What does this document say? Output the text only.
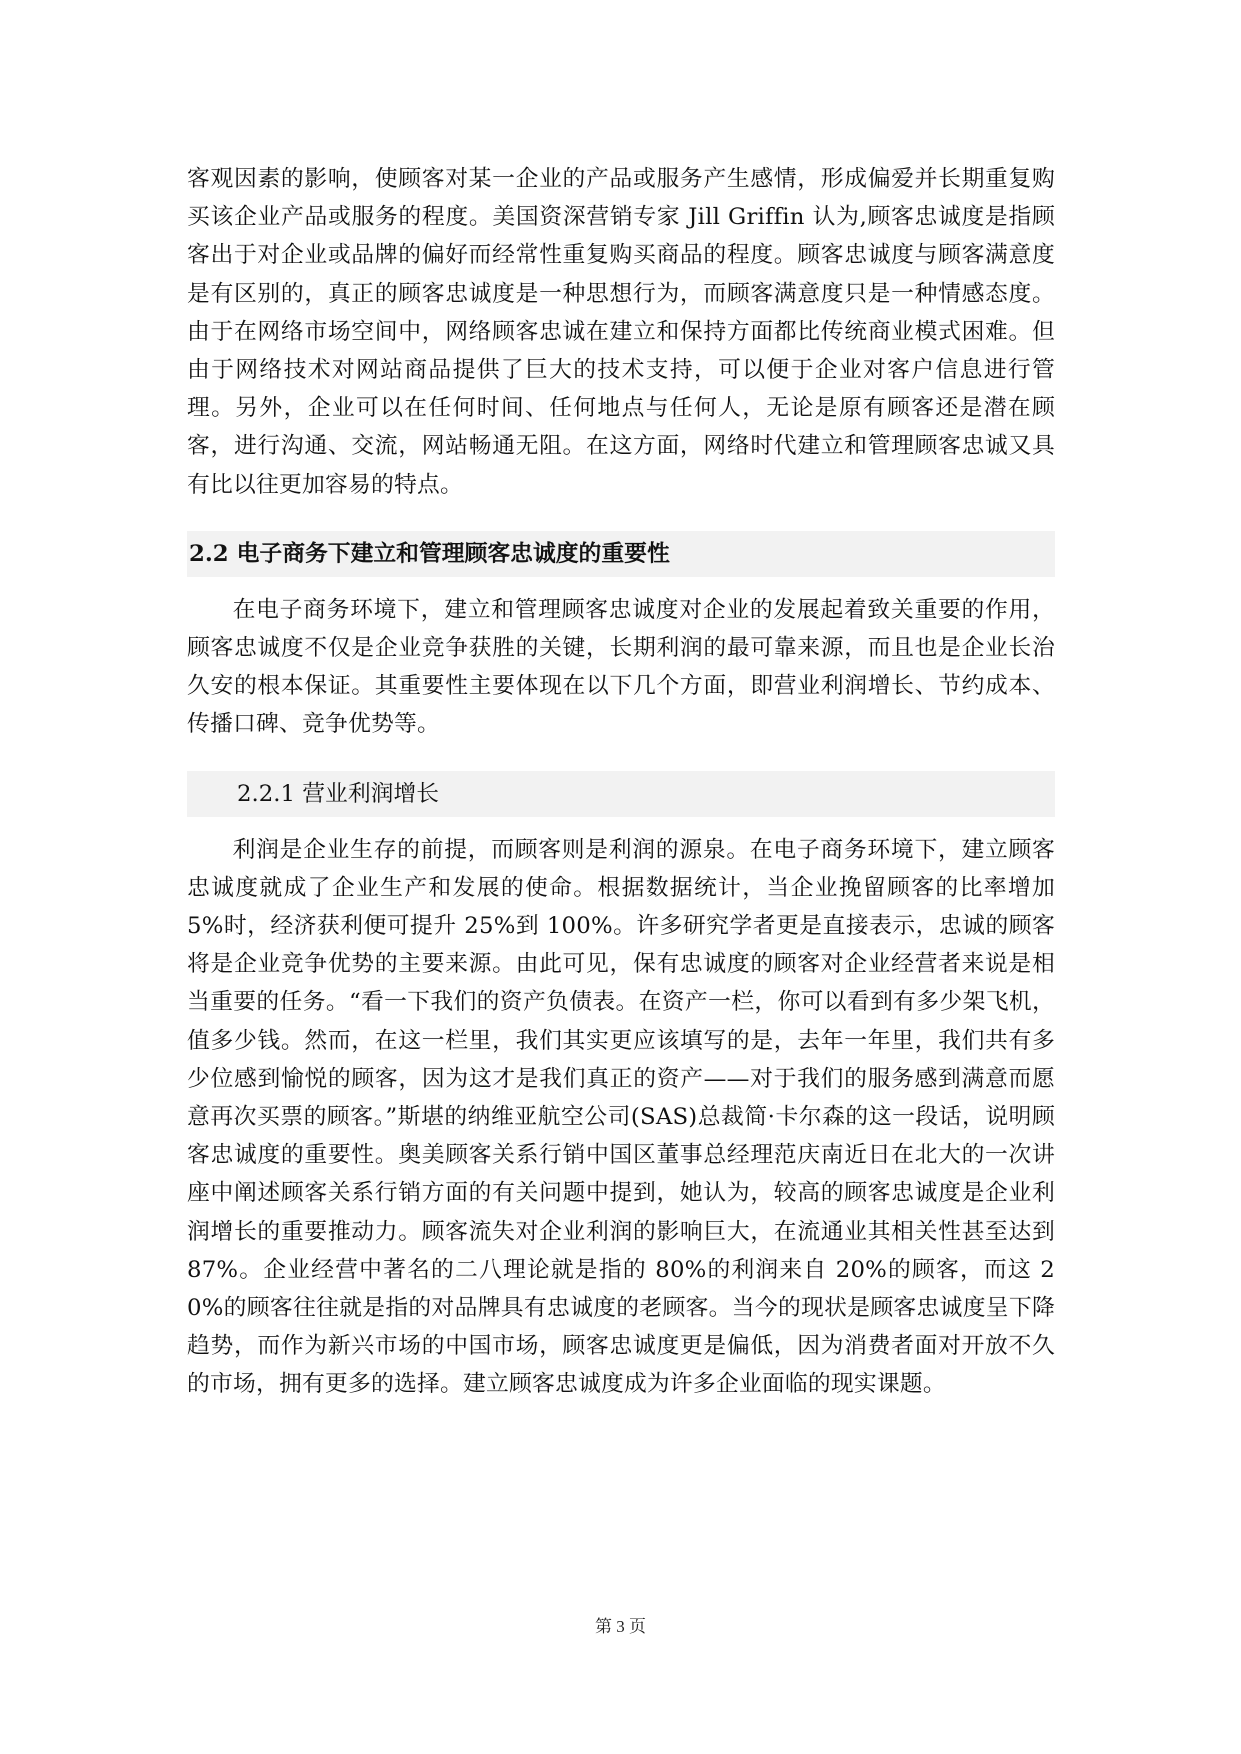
客观因素的影响，使顾客对某一企业的产品或服务产生感情，形成偏爱并长期重复购买该企业产品或服务的程度。美国资深营销专家 Jill Griffin 认为,顾客忠诚度是指顾客出于对企业或品牌的偏好而经常性重复购买商品的程度。顾客忠诚度与顾客满意度是有区别的，真正的顾客忠诚度是一种思想行为，而顾客满意度只是一种情感态度。由于在网络市场空间中，网络顾客忠诚在建立和保持方面都比传统商业模式困难。但由于网络技术对网站商品提供了巨大的技术支持，可以便于企业对客户信息进行管理。另外，企业可以在任何时间、任何地点与任何人，无论是原有顾客还是潜在顾客，进行沟通、交流，网站畅通无阻。在这方面，网络时代建立和管理顾客忠诚又具有比以往更加容易的特点。

2.2 电子商务下建立和管理顾客忠诚度的重要性

在电子商务环境下，建立和管理顾客忠诚度对企业的发展起着致关重要的作用，顾客忠诚度不仅是企业竞争获胜的关键，长期利润的最可靠来源，而且也是企业长治久安的根本保证。其重要性主要体现在以下几个方面，即营业利润增长、节约成本、传播口碑、竞争优势等。

2.2.1 营业利润增长

利润是企业生存的前提，而顾客则是利润的源泉。在电子商务环境下，建立顾客忠诚度就成了企业生产和发展的使命。根据数据统计，当企业挽留顾客的比率增加 5%时，经济获利便可提升 25%到 100%。许多研究学者更是直接表示，忠诚的顾客将是企业竞争优势的主要来源。由此可见，保有忠诚度的顾客对企业经营者来说是相当重要的任务。“看一下我们的资产负债表。在资产一栏，你可以看到有多少架飞机，值多少钱。然而，在这一栏里，我们其实更应该填写的是，去年一年里，我们共有多少位感到愉悦的顾客，因为这才是我们真正的资产——对于我们的服务感到满意而愿意再次买票的顾客。”斯堪的纳维亚航空公司(SAS)总裁简·卡尔森的这一段话，说明顾客忠诚度的重要性。奥美顾客关系行销中国区董事总经理范庆南近日在北大的一次讲座中阐述顾客关系行销方面的有关问题中提到，她认为，较高的顾客忠诚度是企业利润增长的重要推动力。顾客流失对企业利润的影响巨大，在流通业其相关性甚至达到 87%。企业经营中著名的二八理论就是指的 80%的利润来自 20%的顾客，而这 20%的顾客往往就是指的对品牌具有忠诚度的老顾客。当今的现状是顾客忠诚度呈下降趋势，而作为新兴市场的中国市场，顾客忠诚度更是偏低，因为消费者面对开放不久的市场，拥有更多的选择。建立顾客忠诚度成为许多企业面临的现实课题。

第 3 页
